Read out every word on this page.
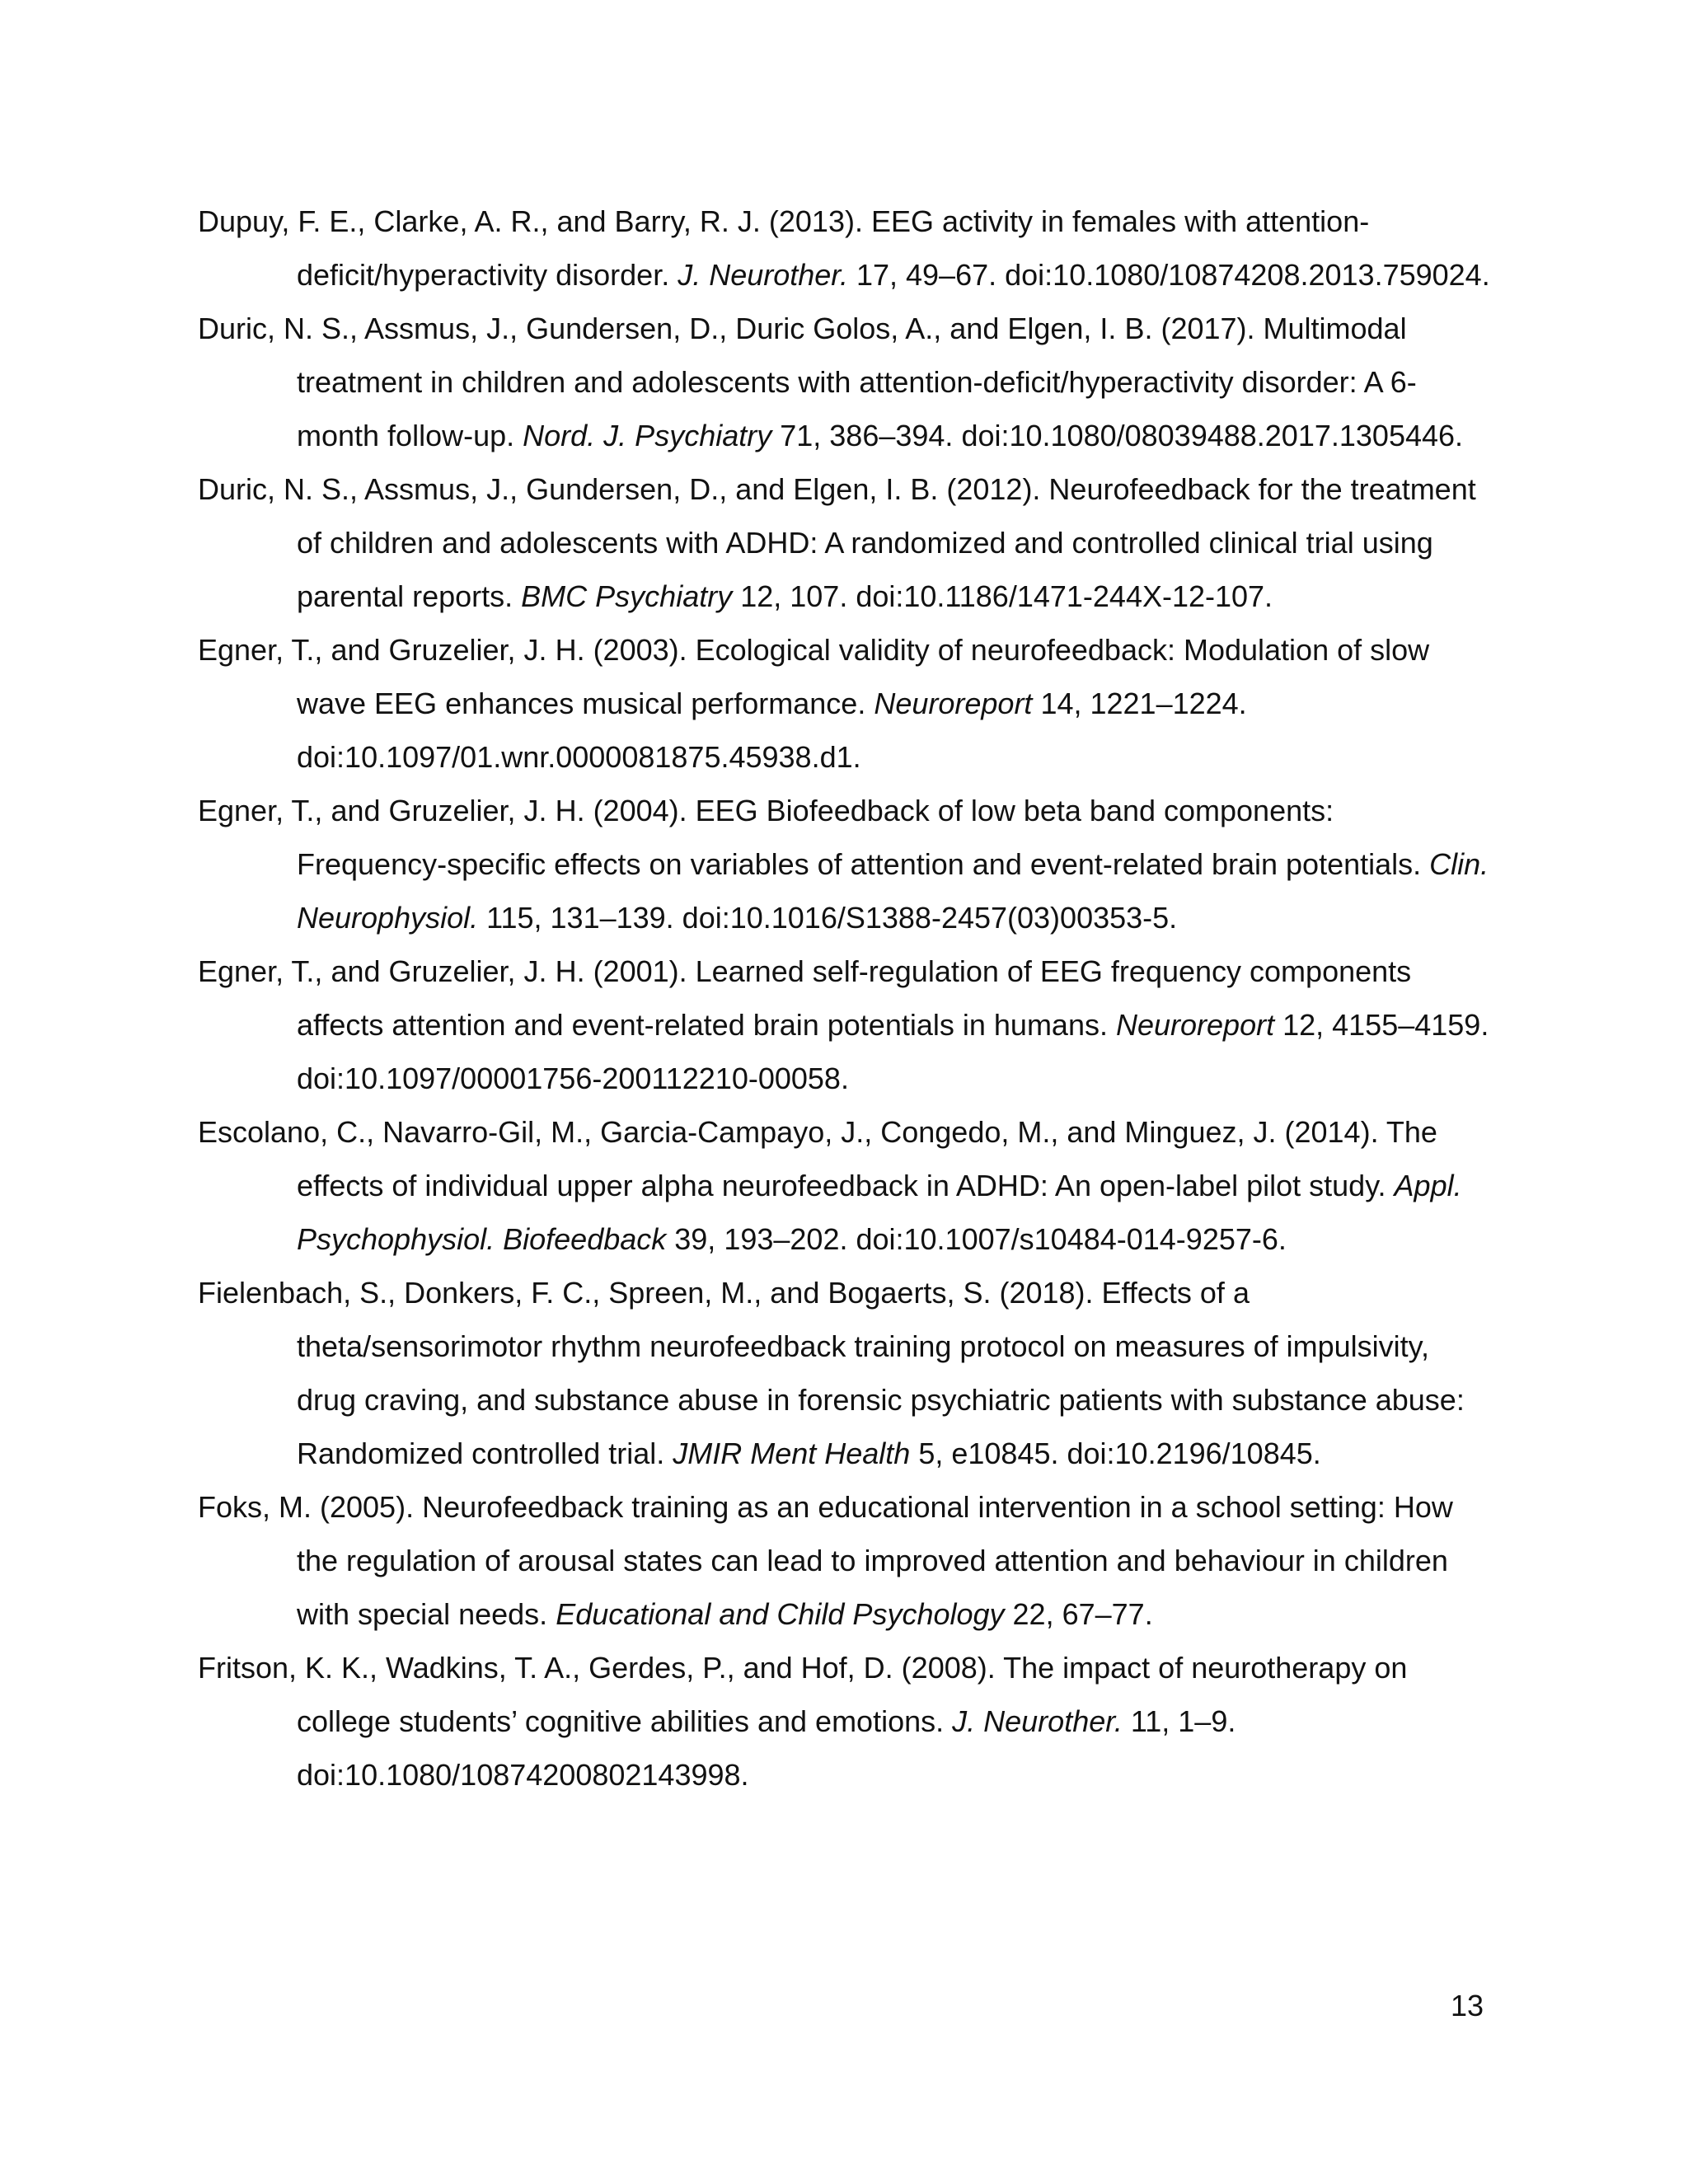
Dupuy, F. E., Clarke, A. R., and Barry, R. J. (2013). EEG activity in females with attention-deficit/hyperactivity disorder. J. Neurother. 17, 49–67. doi:10.1080/10874208.2013.759024.

Duric, N. S., Assmus, J., Gundersen, D., Duric Golos, A., and Elgen, I. B. (2017). Multimodal treatment in children and adolescents with attention-deficit/hyperactivity disorder: A 6-month follow-up. Nord. J. Psychiatry 71, 386–394. doi:10.1080/08039488.2017.1305446.

Duric, N. S., Assmus, J., Gundersen, D., and Elgen, I. B. (2012). Neurofeedback for the treatment of children and adolescents with ADHD: A randomized and controlled clinical trial using parental reports. BMC Psychiatry 12, 107. doi:10.1186/1471-244X-12-107.

Egner, T., and Gruzelier, J. H. (2003). Ecological validity of neurofeedback: Modulation of slow wave EEG enhances musical performance. Neuroreport 14, 1221–1224. doi:10.1097/01.wnr.0000081875.45938.d1.

Egner, T., and Gruzelier, J. H. (2004). EEG Biofeedback of low beta band components: Frequency-specific effects on variables of attention and event-related brain potentials. Clin. Neurophysiol. 115, 131–139. doi:10.1016/S1388-2457(03)00353-5.

Egner, T., and Gruzelier, J. H. (2001). Learned self-regulation of EEG frequency components affects attention and event-related brain potentials in humans. Neuroreport 12, 4155–4159. doi:10.1097/00001756-200112210-00058.

Escolano, C., Navarro-Gil, M., Garcia-Campayo, J., Congedo, M., and Minguez, J. (2014). The effects of individual upper alpha neurofeedback in ADHD: An open-label pilot study. Appl. Psychophysiol. Biofeedback 39, 193–202. doi:10.1007/s10484-014-9257-6.

Fielenbach, S., Donkers, F. C., Spreen, M., and Bogaerts, S. (2018). Effects of a theta/sensorimotor rhythm neurofeedback training protocol on measures of impulsivity, drug craving, and substance abuse in forensic psychiatric patients with substance abuse: Randomized controlled trial. JMIR Ment Health 5, e10845. doi:10.2196/10845.

Foks, M. (2005). Neurofeedback training as an educational intervention in a school setting: How the regulation of arousal states can lead to improved attention and behaviour in children with special needs. Educational and Child Psychology 22, 67–77.

Fritson, K. K., Wadkins, T. A., Gerdes, P., and Hof, D. (2008). The impact of neurotherapy on college students’ cognitive abilities and emotions. J. Neurother. 11, 1–9. doi:10.1080/10874200802143998.

13
